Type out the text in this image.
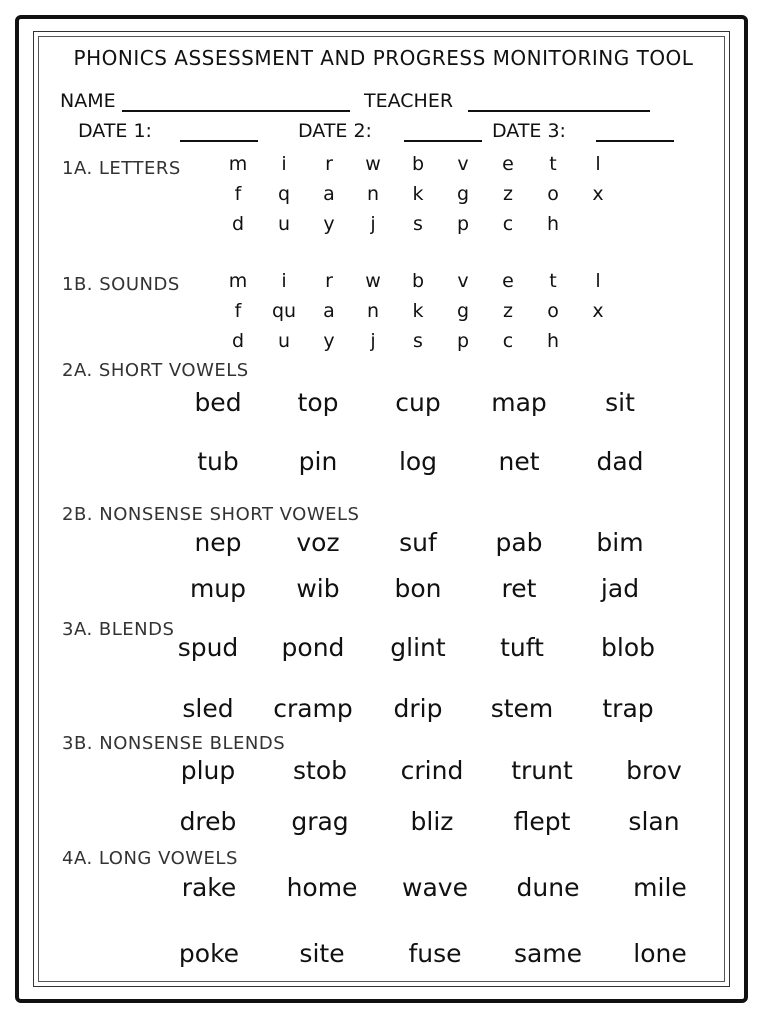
PHONICS ASSESSMENT AND PROGRESS MONITORING TOOL
NAME	TEACHER
DATE 1:	DATE 2:	DATE 3:
1A. LETTERS
1B. SOUNDS
2A. SHORT VOWELS
2B. NONSENSE SHORT VOWELS
3A. BLENDS
3B. NONSENSE BLENDS
4A. LONG VOWELS
m	i	r	w	b	v	e	t	l
f	q	a	n	k	g	z	o	x
d	u	y	j	s	p	c	h
m	i	r	w	b	v	e	t	l
f	qu	a	n	k	g	z	o	x
d	u	y	j	s	p	c	h
bed	top	cup	map	sit
tub	pin	log	net	dad
nep	voz	suf	pab	bim
mup	wib	bon	ret	jad
spud	pond	glint	tuft	blob
sled	cramp	drip	stem	trap
plup	stob	crind	trunt	brov
dreb	grag	bliz	flept	slan
rake	home	wave	dune	mile
poke	site	fuse	same	lone
